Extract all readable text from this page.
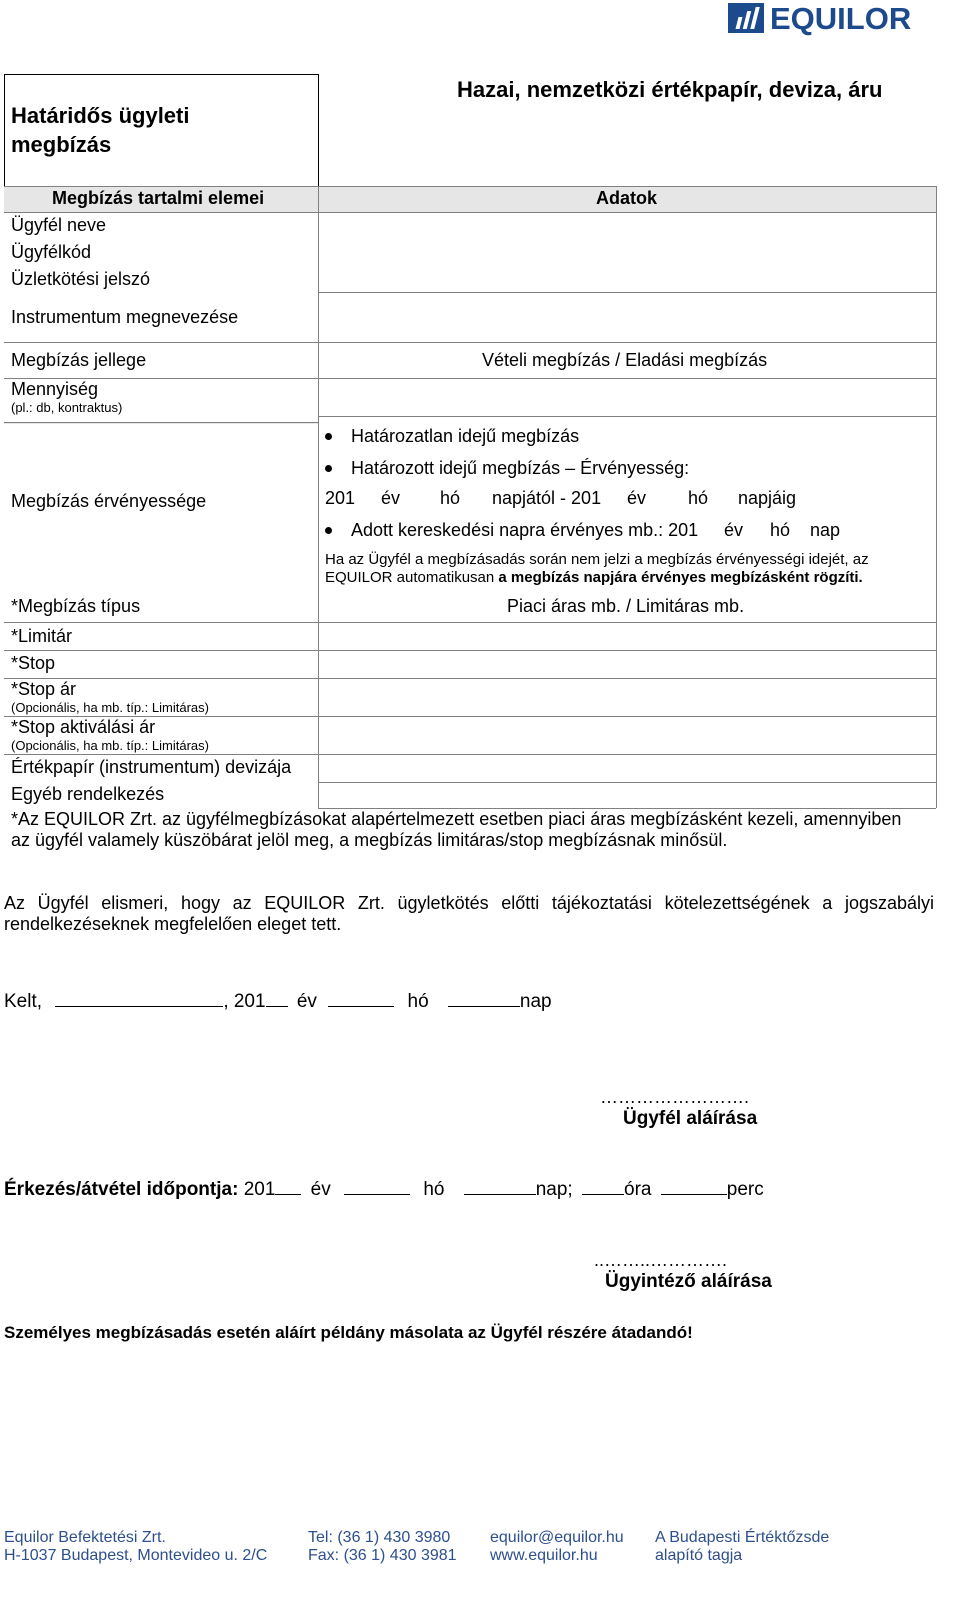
EQUILOR
Határidős ügyleti megbízás
Hazai, nemzetközi értékpapír, deviza, áru
Megbízás tartalmi elemei	Adatok
Ügyfél neve
Ügyfélkód
Üzletkötési jelszó
Instrumentum megnevezése
Megbízás jellege	Vételi megbízás / Eladási megbízás
Mennyiség
(pl.: db, kontraktus)
Megbízás érvényessége
Határozatlan idejű megbízás
Határozott idejű megbízás – Érvényesség:
201 év hó napjától - 201 év hó napjáig
Adott kereskedési napra érvényes mb.: 201 év hó nap
Ha az Ügyfél a megbízásadás során nem jelzi a megbízás érvényességi idejét, az
EQUILOR automatikusan a megbízás napjára érvényes megbízásként rögzíti.
*Megbízás típus	Piaci áras mb. / Limitáras mb.
*Limitár
*Stop
*Stop ár
(Opcionális, ha mb. típ.: Limitáras)
*Stop aktiválási ár
(Opcionális, ha mb. típ.: Limitáras)
Értékpapír (instrumentum) devizája
Egyéb rendelkezés
*Az EQUILOR Zrt. az ügyfélmegbízásokat alapértelmezett esetben piaci áras megbízásként kezeli, amennyiben
az ügyfél valamely küszöbárat jelöl meg, a megbízás limitáras/stop megbízásnak minősül.
Az Ügyfél elismeri, hogy az EQUILOR Zrt. ügyletkötés előtti tájékoztatási kötelezettségének a jogszabályi
rendelkezéseknek megfelelően eleget tett.
Kelt,	, 201 év	hó	nap
…………………….
Ügyfél aláírása
Érkezés/átvétel időpontja: 201 év	hó	nap;	óra	perc
..……..………….
Ügyintéző aláírása
Személyes megbízásadás esetén aláírt példány másolata az Ügyfél részére átadandó!
Equilor Befektetési Zrt.
H-1037 Budapest, Montevideo u. 2/C
Tel: (36 1) 430 3980
Fax: (36 1) 430 3981
equilor@equilor.hu
www.equilor.hu
A Budapesti Értéktőzsde
alapító tagja
